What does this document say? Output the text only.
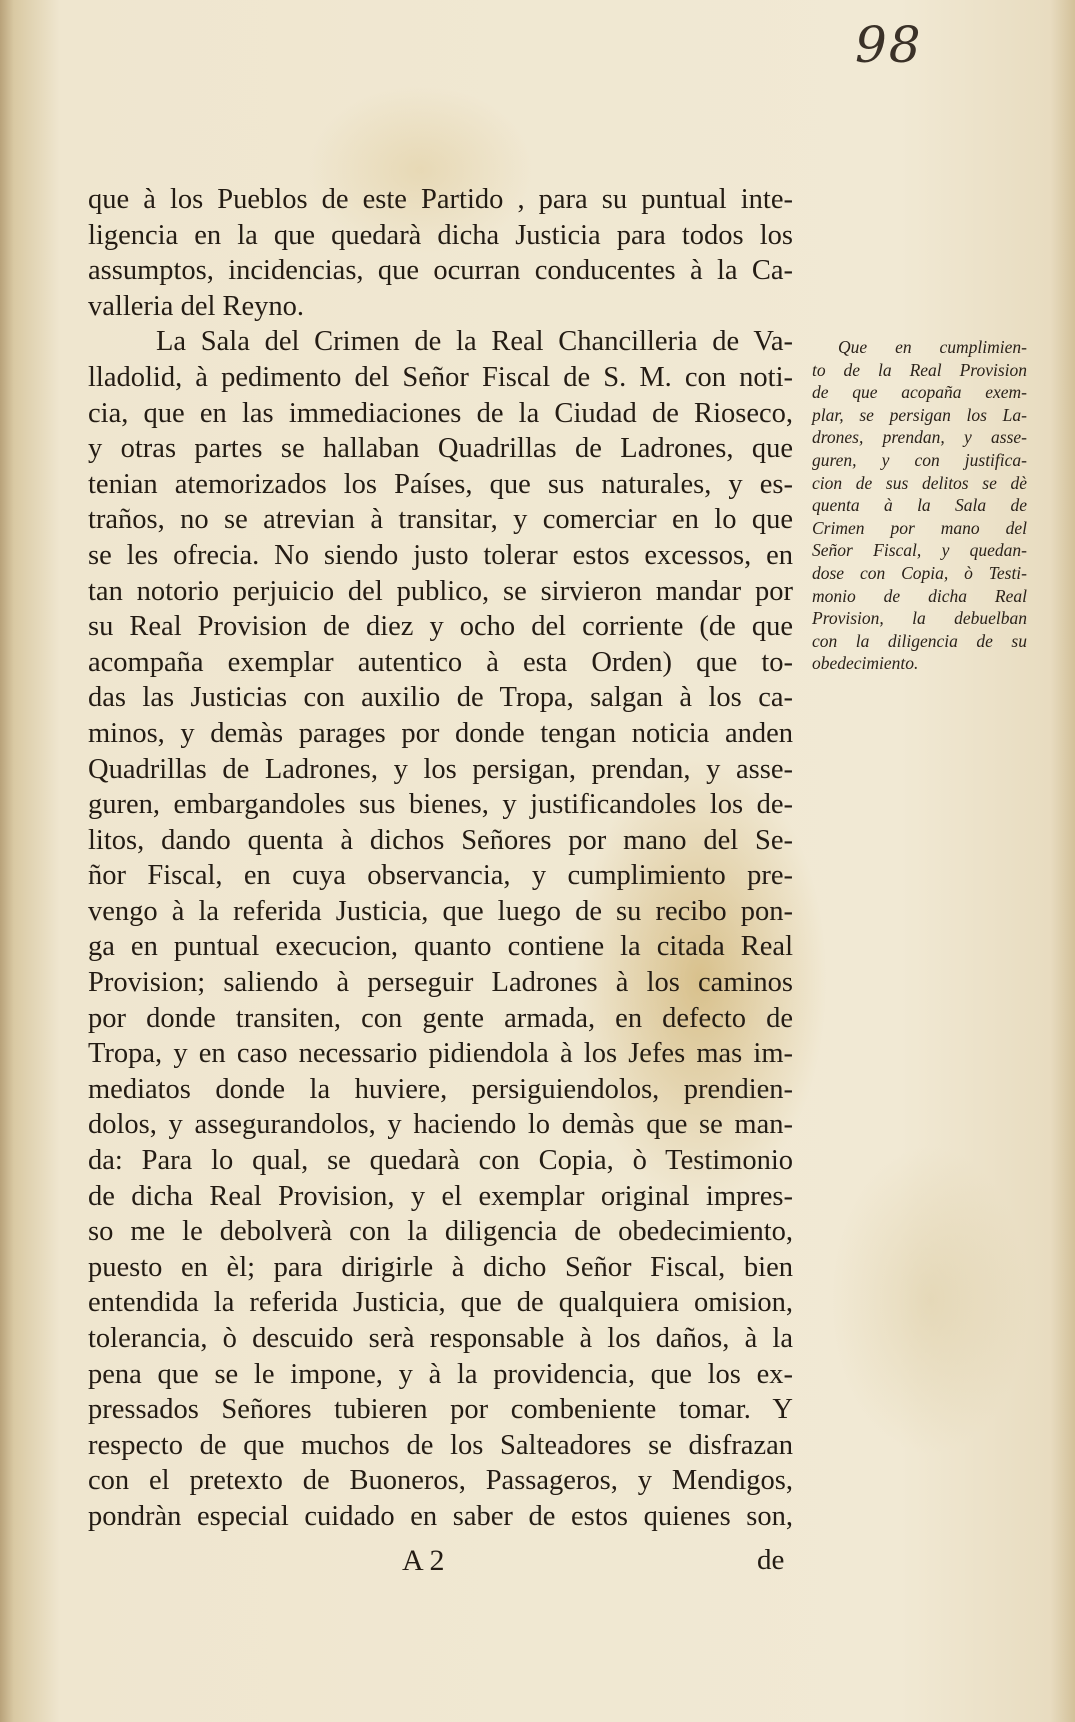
98
que à los Pueblos de este Partido , para su puntual inte-
ligencia en la que quedarà dicha Justicia para todos los
assumptos, incidencias, que ocurran conducentes à la Ca-
valleria del Reyno.
La Sala del Crimen de la Real Chancilleria de Va-
lladolid, à pedimento del Señor Fiscal de S. M. con noti-
cia, que en las immediaciones de la Ciudad de Rioseco,
y otras partes se hallaban Quadrillas de Ladrones, que
tenian atemorizados los Países, que sus naturales, y es-
traños, no se atrevian à transitar, y comerciar en lo que
se les ofrecia. No siendo justo tolerar estos excessos, en
tan notorio perjuicio del publico, se sirvieron mandar por
su Real Provision de diez y ocho del corriente (de que
acompaña exemplar autentico à esta Orden) que to-
das las Justicias con auxilio de Tropa, salgan à los ca-
minos, y demàs parages por donde tengan noticia anden
Quadrillas de Ladrones, y los persigan, prendan, y asse-
guren, embargandoles sus bienes, y justificandoles los de-
litos, dando quenta à dichos Señores por mano del Se-
ñor Fiscal, en cuya observancia, y cumplimiento pre-
vengo à la referida Justicia, que luego de su recibo pon-
ga en puntual execucion, quanto contiene la citada Real
Provision; saliendo à perseguir Ladrones à los caminos
por donde transiten, con gente armada, en defecto de
Tropa, y en caso necessario pidiendola à los Jefes mas im-
mediatos donde la huviere, persiguiendolos, prendien-
dolos, y assegurandolos, y haciendo lo demàs que se man-
da: Para lo qual, se quedarà con Copia, ò Testimonio
de dicha Real Provision, y el exemplar original impres-
so me le debolverà con la diligencia de obedecimiento,
puesto en èl; para dirigirle à dicho Señor Fiscal, bien
entendida la referida Justicia, que de qualquiera omision,
tolerancia, ò descuido serà responsable à los daños, à la
pena que se le impone, y à la providencia, que los ex-
pressados Señores tubieren por combeniente tomar. Y
respecto de que muchos de los Salteadores se disfrazan
con el pretexto de Buoneros, Passageros, y Mendigos,
pondràn especial cuidado en saber de estos quienes son,
Que en cumplimien-
to de la Real Provision
de que acopaña exem-
plar, se persigan los La-
drones, prendan, y asse-
guren, y con justifica-
cion de sus delitos se dè
quenta à la Sala de
Crimen por mano del
Señor Fiscal, y quedan-
dose con Copia, ò Testi-
monio de dicha Real
Provision, la debuelban
con la diligencia de su
obedecimiento.
A 2	de
